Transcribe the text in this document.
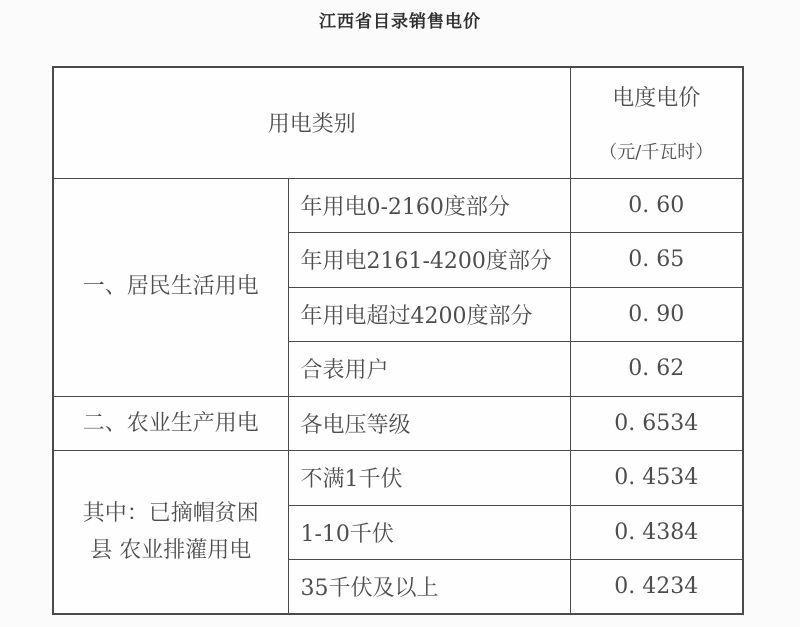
江西省目录销售电价
用电类别		电度电价
（元/千瓦时）

一、居民生活用电	年用电0-2160度部分	0. 60
	年用电2161-4200度部分	0. 65
	年用电超过4200度部分	0. 90
	合表用户	0. 62
二、农业生产用电	各电压等级	0. 6534
其中：已摘帽贫困县 农业排灌用电	不满1千伏	0. 4534
	1-10千伏	0. 4384
	35千伏及以上	0. 4234
